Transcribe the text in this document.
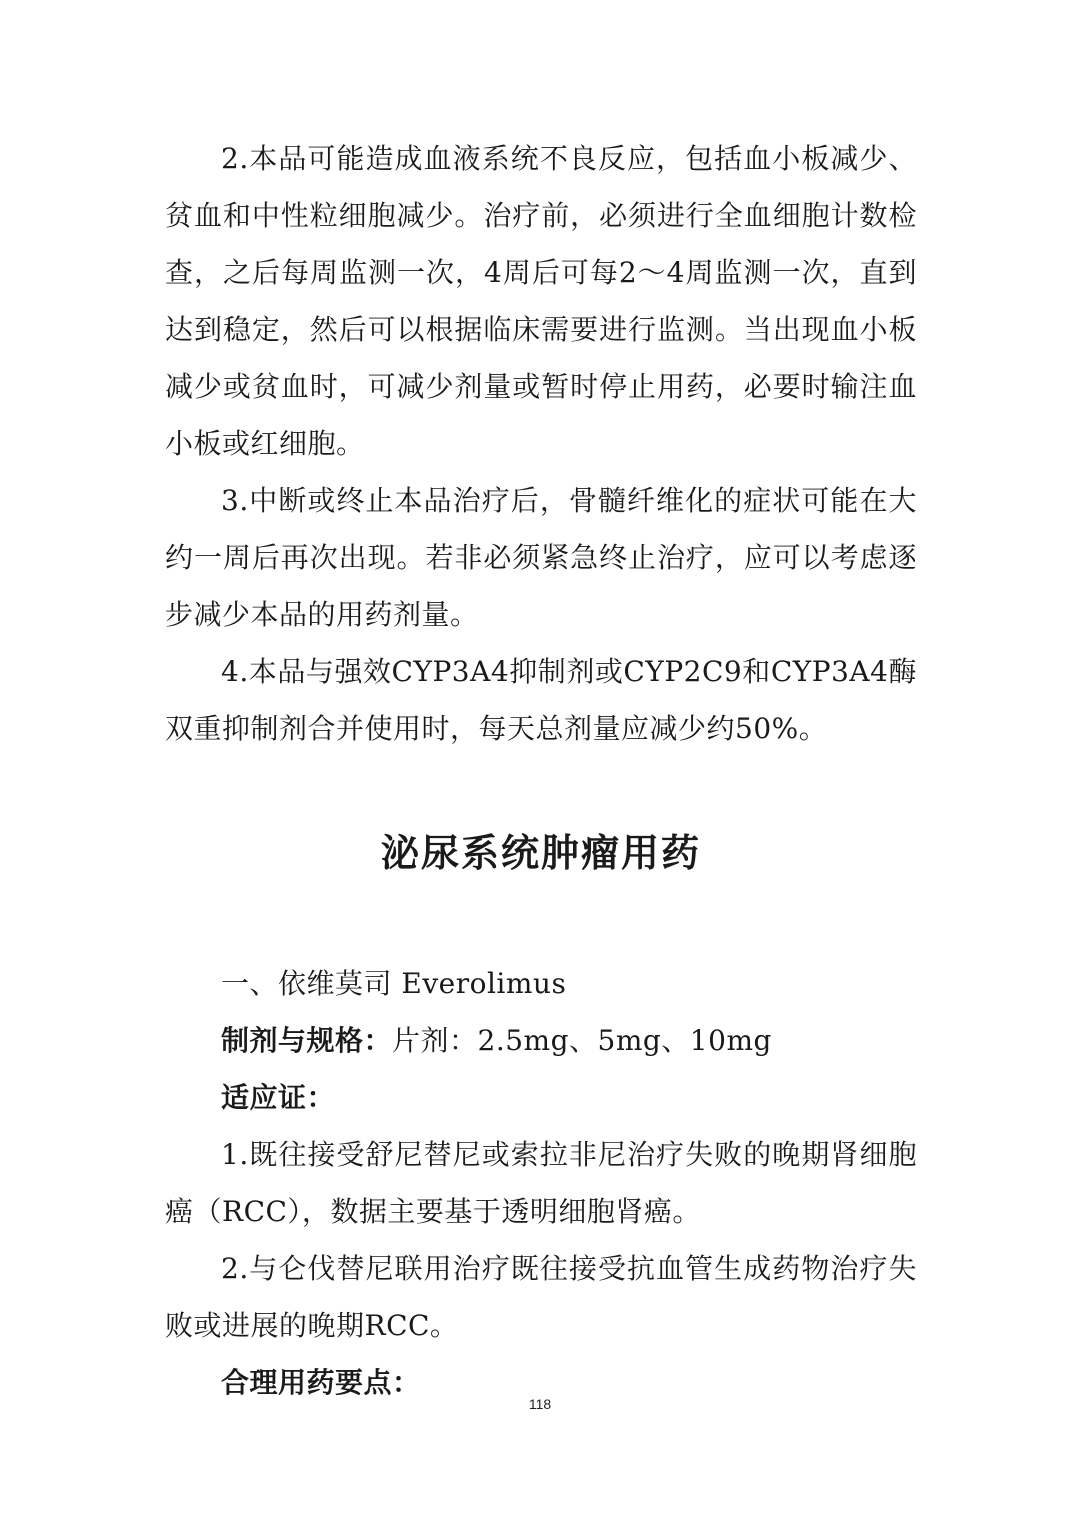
2.本品可能造成血液系统不良反应，包括血小板减少、贫血和中性粒细胞减少。治疗前，必须进行全血细胞计数检查，之后每周监测一次，4周后可每2～4周监测一次，直到达到稳定，然后可以根据临床需要进行监测。当出现血小板减少或贫血时，可减少剂量或暂时停止用药，必要时输注血小板或红细胞。

3.中断或终止本品治疗后，骨髓纤维化的症状可能在大约一周后再次出现。若非必须紧急终止治疗，应可以考虑逐步减少本品的用药剂量。

4.本品与强效CYP3A4抑制剂或CYP2C9和CYP3A4酶双重抑制剂合并使用时，每天总剂量应减少约50%。

泌尿系统肿瘤用药

一、依维莫司 Everolimus

制剂与规格：片剂：2.5mg、5mg、10mg

适应证：

1.既往接受舒尼替尼或索拉非尼治疗失败的晚期肾细胞癌（RCC），数据主要基于透明细胞肾癌。

2.与仑伐替尼联用治疗既往接受抗血管生成药物治疗失败或进展的晚期RCC。

合理用药要点：

118
